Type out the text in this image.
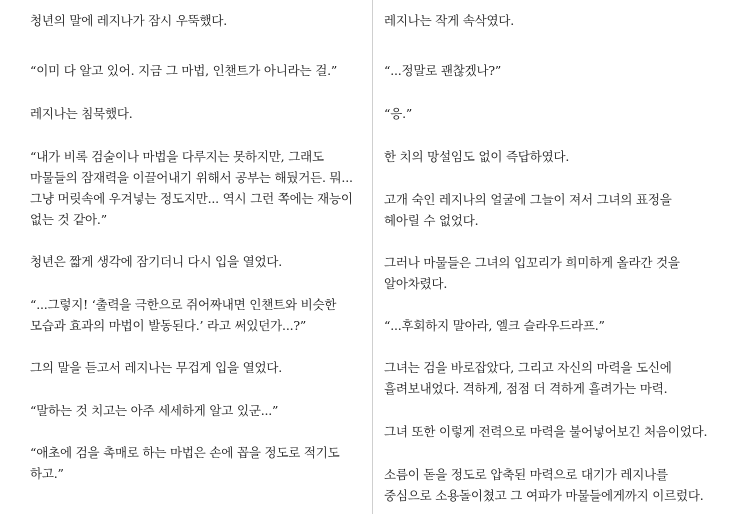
청년의 말에 레지나가 잠시 우뚝했다.

“이미 다 알고 있어. 지금 그 마법, 인챈트가 아니라는 걸.”

레지나는 침묵했다.

“내가 비록 검술이나 마법을 다루지는 못하지만, 그래도
마물들의 잠재력을 이끌어내기 위해서 공부는 해뒀거든. 뭐...
그냥 머릿속에 우겨넣는 정도지만... 역시 그런 쪽에는 재능이
없는 것 같아.”

청년은 짧게 생각에 잠기더니 다시 입을 열었다.

“...그렇지! ‘출력을 극한으로 쥐어짜내면 인챈트와 비슷한
모습과 효과의 마법이 발동된다.’ 라고 써있던가...?”

그의 말을 듣고서 레지나는 무겁게 입을 열었다.

“말하는 것 치고는 아주 세세하게 알고 있군...”

“애초에 검을 촉매로 하는 마법은 손에 꼽을 정도로 적기도
하고.”

레지나는 작게 속삭였다.

“...정말로 괜찮겠나?”

“응.”

한 치의 망설임도 없이 즉답하였다.

고개 숙인 레지나의 얼굴에 그늘이 져서 그녀의 표정을
헤아릴 수 없었다.

그러나 마물들은 그녀의 입꼬리가 희미하게 올라간 것을
알아차렸다.

“...후회하지 말아라, 엘크 슬라우드라프.”

그녀는 검을 바로잡았다, 그리고 자신의 마력을 도신에
흘려보내었다. 격하게, 점점 더 격하게 흘려가는 마력.

그녀 또한 이렇게 전력으로 마력을 불어넣어보긴 처음이었다.

소름이 돋을 정도로 압축된 마력으로 대기가 레지나를
중심으로 소용돌이쳤고 그 여파가 마물들에게까지 이르렀다.
